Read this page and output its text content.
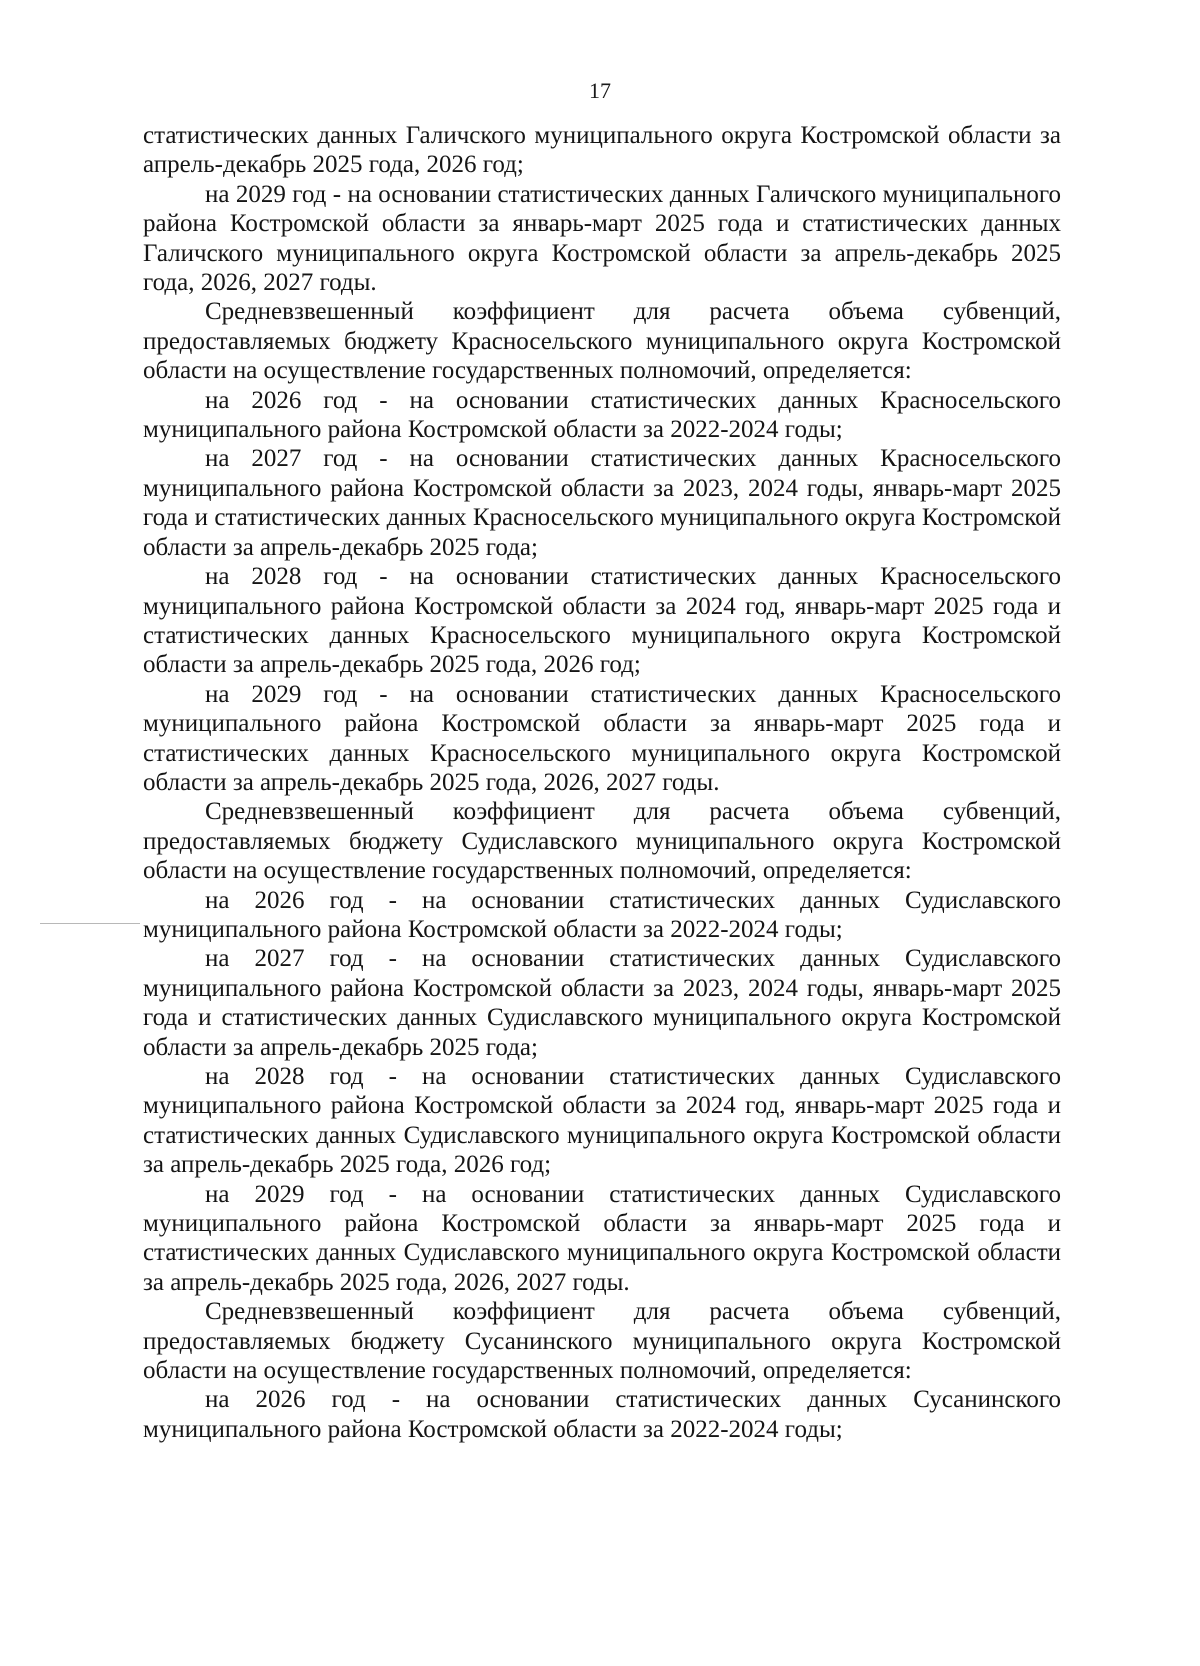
17

статистических данных Галичского муниципального округа Костромской области за апрель-декабрь 2025 года, 2026 год;

на 2029 год - на основании статистических данных Галичского муниципального района Костромской области за январь-март 2025 года и статистических данных Галичского муниципального округа Костромской области за апрель-декабрь 2025 года, 2026, 2027 годы.

Средневзвешенный коэффициент для расчета объема субвенций, предоставляемых бюджету Красносельского муниципального округа Костромской области на осуществление государственных полномочий, определяется:

на 2026 год - на основании статистических данных Красносельского муниципального района Костромской области за 2022-2024 годы;

на 2027 год - на основании статистических данных Красносельского муниципального района Костромской области за 2023, 2024 годы, январь-март 2025 года и статистических данных Красносельского муниципального округа Костромской области за апрель-декабрь 2025 года;

на 2028 год - на основании статистических данных Красносельского муниципального района Костромской области за 2024 год, январь-март 2025 года и статистических данных Красносельского муниципального округа Костромской области за апрель-декабрь 2025 года, 2026 год;

на 2029 год - на основании статистических данных Красносельского муниципального района Костромской области за январь-март 2025 года и статистических данных Красносельского муниципального округа Костромской области за апрель-декабрь 2025 года, 2026, 2027 годы.

Средневзвешенный коэффициент для расчета объема субвенций, предоставляемых бюджету Судиславского муниципального округа Костромской области на осуществление государственных полномочий, определяется:

на 2026 год - на основании статистических данных Судиславского муниципального района Костромской области за 2022-2024 годы;

на 2027 год - на основании статистических данных Судиславского муниципального района Костромской области за 2023, 2024 годы, январь-март 2025 года и статистических данных Судиславского муниципального округа Костромской области за апрель-декабрь 2025 года;

на 2028 год - на основании статистических данных Судиславского муниципального района Костромской области за 2024 год, январь-март 2025 года и статистических данных Судиславского муниципального округа Костромской области за апрель-декабрь 2025 года, 2026 год;

на 2029 год - на основании статистических данных Судиславского муниципального района Костромской области за январь-март 2025 года и статистических данных Судиславского муниципального округа Костромской области за апрель-декабрь 2025 года, 2026, 2027 годы.

Средневзвешенный коэффициент для расчета объема субвенций, предоставляемых бюджету Сусанинского муниципального округа Костромской области на осуществление государственных полномочий, определяется:

на 2026 год - на основании статистических данных Сусанинского муниципального района Костромской области за 2022-2024 годы;
